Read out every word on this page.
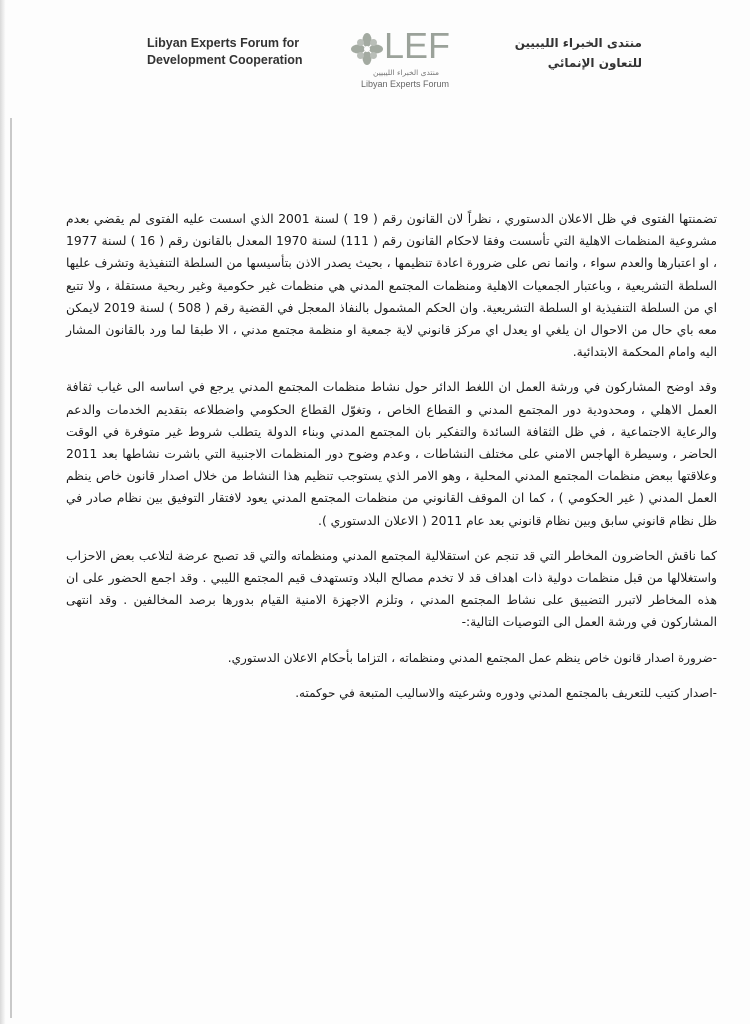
Libyan Experts Forum for
Development Cooperation LEF
منتدى الخبراء الليبيين
Libyan Experts Forum
منتدى الخبراء الليبيين
للتعاون الإنمائي

تضمنتها الفتوى في ظل الاعلان الدستوري ، نظراً لان القانون رقم ( 19 ) لسنة 2001 الذي اسست عليه الفتوى لم يقضي بعدم مشروعية المنظمات الاهلية التي تأسست وفقا لاحكام القانون رقم ( 111) لسنة 1970 المعدل بالقانون رقم ( 16 ) لسنة 1977 ، او اعتبارها والعدم سواء ، وانما نص على ضرورة اعادة تنظيمها ، بحيث يصدر الاذن بتأسيسها من السلطة التنفيذية وتشرف عليها السلطة التشريعية ، وباعتبار الجمعيات الاهلية ومنظمات المجتمع المدني هي منظمات غير حكومية وغير ربحية مستقلة ، ولا تتبع اي من السلطة التنفيذية او السلطة التشريعية. وان الحكم المشمول بالنفاذ المعجل في القضية رقم ( 508 ) لسنة 2019 لايمكن معه باي حال من الاحوال ان يلغي او يعدل اي مركز قانوني لاية جمعية او منظمة مجتمع مدني ، الا طبقا لما ورد بالقانون المشار اليه وامام المحكمة الابتدائية.

وقد اوضح المشاركون في ورشة العمل ان اللغط الدائر حول نشاط منظمات المجتمع المدني يرجع في اساسه الى غياب ثقافة العمل الاهلي ، ومحدودية دور المجتمع المدني و القطاع الخاص ، وتغوّل القطاع الحكومي واضطلاعه بتقديم الخدمات والدعم والرعاية الاجتماعية ، في ظل الثقافة السائدة والتفكير بان المجتمع المدني وبناء الدولة يتطلب شروط غير متوفرة في الوقت الحاضر ، وسيطرة الهاجس الامني على مختلف النشاطات ، وعدم وضوح دور المنظمات الاجنبية التي باشرت نشاطها بعد 2011 وعلاقتها ببعض منظمات المجتمع المدني المحلية ، وهو الامر الذي يستوجب تنظيم هذا النشاط من خلال اصدار قانون خاص ينظم العمل المدني ( غير الحكومي ) ، كما ان الموقف القانوني من منظمات المجتمع المدني يعود لافتقار التوفيق بين نظام صادر في ظل نظام قانوني سابق وبين نظام قانوني بعد عام 2011 ( الاعلان الدستوري ).

كما ناقش الحاضرون المخاطر التي قد تنجم عن استقلالية المجتمع المدني ومنظماته والتي قد تصبح عرضة لتلاعب بعض الاحزاب واستغلالها من قبل منظمات دولية ذات اهداف قد لا تخدم مصالح البلاد وتستهدف قيم المجتمع الليبي . وقد اجمع الحضور على ان هذه المخاطر لاتبرر التضييق على نشاط المجتمع المدني ، وتلزم الاجهزة الامنية القيام بدورها برصد المخالفين . وقد انتهى المشاركون في ورشة العمل الى التوصيات التالية:-

-ضرورة اصدار قانون خاص ينظم عمل المجتمع المدني ومنظماته ، التزاما بأحكام الاعلان الدستوري.

-اصدار كتيب للتعريف بالمجتمع المدني ودوره وشرعيته والاساليب المتبعة في حوكمته.
